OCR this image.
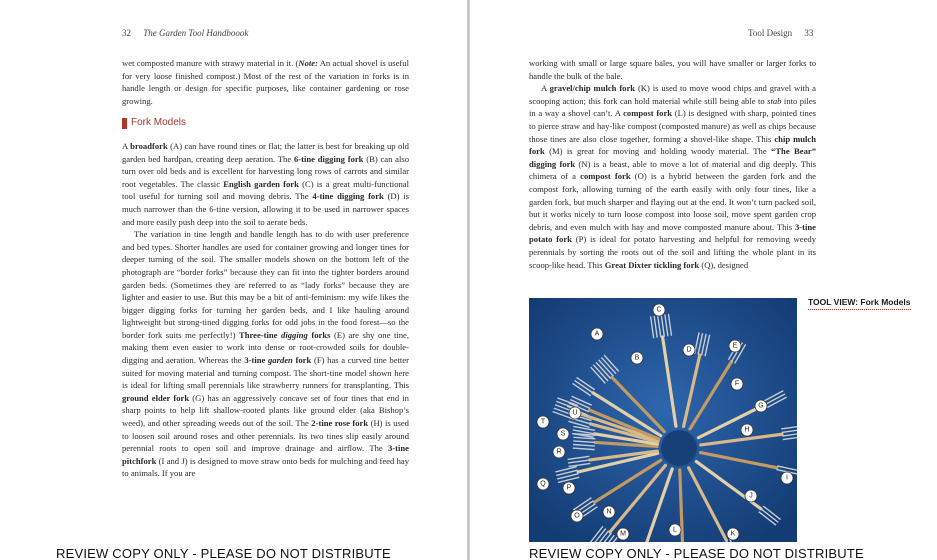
32 The Garden Tool Handboook

wet composted manure with strawy material in it. (Note: An actual shovel is useful for very loose finished compost.) Most of the rest of the variation in forks is in handle length or design for specific purposes, like container gardening or rose growing.

Fork Models

A broadfork (A) can have round tines or flat; the latter is best for breaking up old garden bed hardpan, creating deep aeration. The 6-tine digging fork (B) can also turn over old beds and is excellent for harvesting long rows of carrots and similar root vegetables. The classic English garden fork (C) is a great multi-functional tool useful for turning soil and moving debris. The 4-tine digging fork (D) is much narrower than the 6-tine version, allowing it to be used in narrower spaces and more easily push deep into the soil to aerate beds.

The variation in tine length and handle length has to do with user preference and bed types. Shorter handles are used for container growing and longer tines for deeper turning of the soil. The smaller models shown on the bottom left of the photograph are “border forks” because they can fit into the tighter borders around garden beds. (Sometimes they are referred to as “lady forks” because they are lighter and easier to use. But this may be a bit of anti-feminism: my wife likes the bigger digging forks for turning her garden beds, and I like hauling around lightweight but strong-tined digging forks for odd jobs in the food forest—so the border fork suits me perfectly!) Three-tine digging forks (E) are shy one tine, making them even easier to work into dense or root-crowded soils for double-digging and aeration. Whereas the 3-tine garden fork (F) has a curved tine better suited for moving material and turning compost. The short-tine model shown here is ideal for lifting small perennials like strawberry runners for transplanting. This ground elder fork (G) has an aggressively concave set of four tines that end in sharp points to help lift shallow-rooted plants like ground elder (aka Bishop’s weed), and other spreading weeds out of the soil. The 2-tine rose fork (H) is used to loosen soil around roses and other perennials. Its two tines slip easily around perennial roots to open soil and improve drainage and airflow. The 3-tine pitchfork (I and J) is designed to move straw onto beds for mulching and feed hay to animals. If you are

REVIEW COPY ONLY - PLEASE DO NOT DISTRIBUTE
Tool Design 33

working with small or large square bales, you will have smaller or larger forks to handle the bulk of the bale.

A gravel/chip mulch fork (K) is used to move wood chips and gravel with a scooping action; this fork can hold material while still being able to stab into piles in a way a shovel can’t. A compost fork (L) is designed with sharp, pointed tines to pierce straw and hay-like compost (composted manure) as well as chips because those tines are also close together, forming a shovel-like shape. This chip mulch fork (M) is great for moving and holding woody material. The “The Bear” digging fork (N) is a beast, able to move a lot of material and dig deeply. This chimera of a compost fork (O) is a hybrid between the garden fork and the compost fork, allowing turning of the earth easily with only four tines, like a garden fork, but much sharper and flaying out at the end. It won’t turn packed soil, but it works nicely to turn loose compost into loose soil, move spent garden crop debris, and even mulch with hay and move composted manure about. This 3-tine potato fork (P) is ideal for potato harvesting and helpful for removing weedy perennials by sorting the roots out of the soil and lifting the whole plant in its scoop-like head. This Great Dixter tickling fork (Q), designed

A
B
C
D
E
F
G
H
I
J
K
L
M
N
O
P
Q
R
S
T
U
TOOL VIEW: Fork Models
REVIEW COPY ONLY - PLEASE DO NOT DISTRIBUTE
